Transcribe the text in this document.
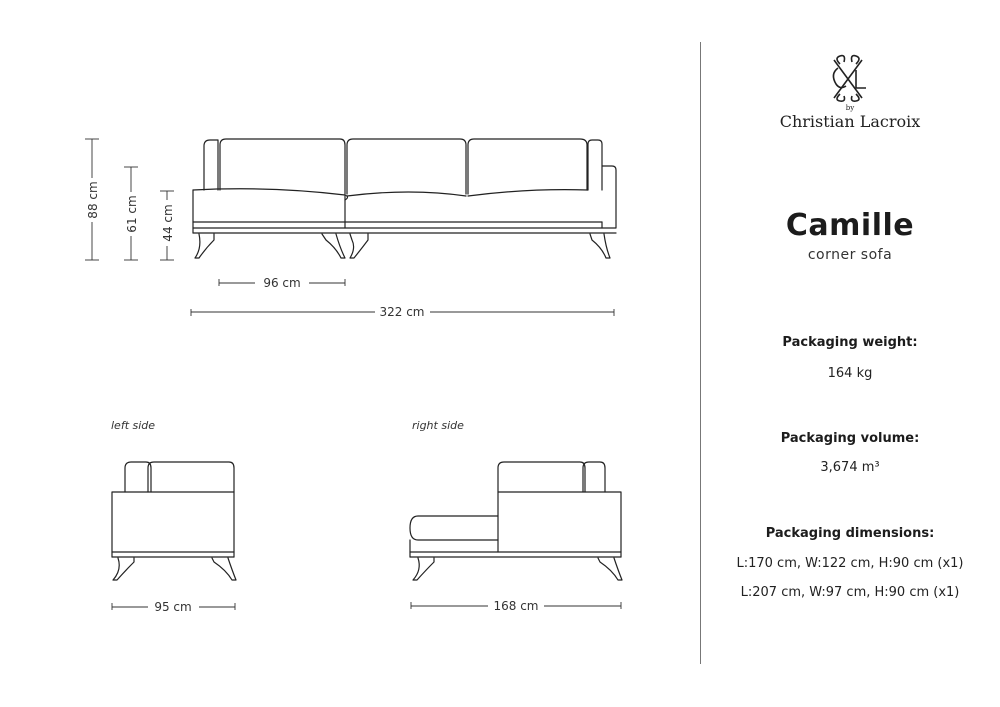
88 cm 61 cm 44 cm
96 cm
322 cm
95 cm	168 cm
left side	right side
by
Christian Lacroix
Camille
corner sofa
Packaging weight:
164 kg
Packaging volume:
3,674 m³
Packaging dimensions:
L:170 cm, W:122 cm, H:90 cm (x1)
L:207 cm, W:97 cm, H:90 cm (x1)
